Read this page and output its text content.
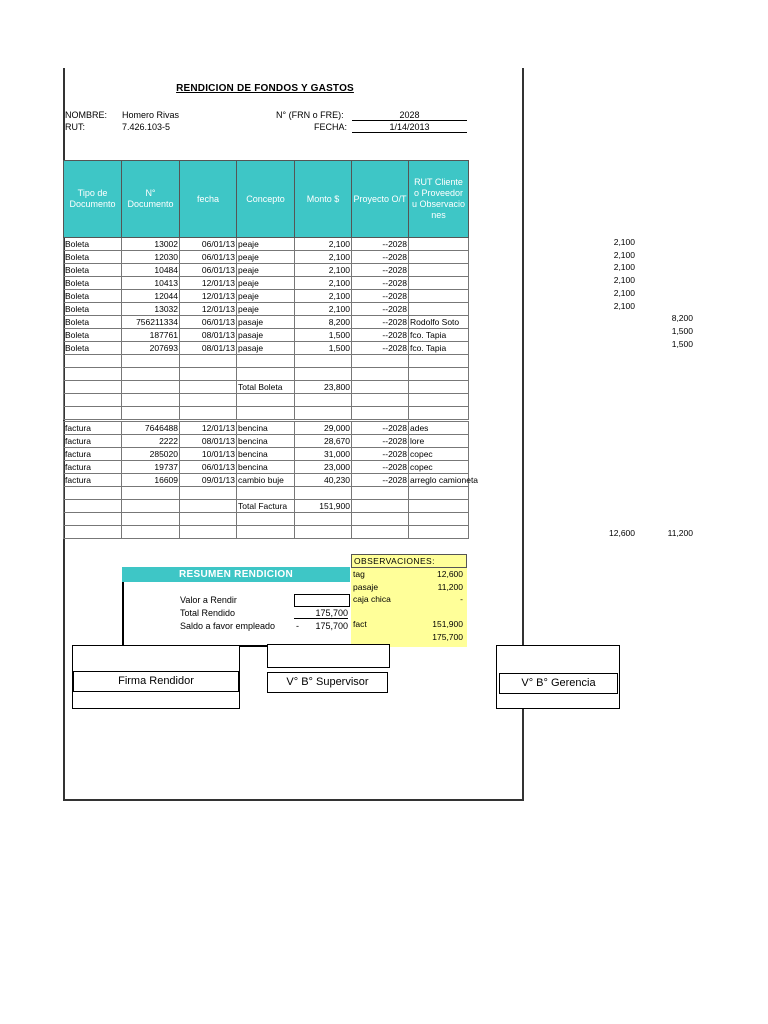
RENDICION DE FONDOS Y GASTOS
NOMBRE: Homero Rivas
RUT:	7.426.103-5
N° (FRN o FRE):	2028
FECHA:	1/14/2013
Tipo de Documento	N° Documento	fecha	Concepto	Monto $	Proyecto O/T	RUT Cliente o Proveedor u Observaciones
Boleta	13002	06/01/13	peaje	2,100	--2028	
Boleta	12030	06/01/13	peaje	2,100	--2028	
Boleta	10484	06/01/13	peaje	2,100	--2028	
Boleta	10413	12/01/13	peaje	2,100	--2028	
Boleta	12044	12/01/13	peaje	2,100	--2028	
Boleta	13032	12/01/13	peaje	2,100	--2028	
Boleta	756211334	06/01/13	pasaje	8,200	--2028	Rodolfo Soto
Boleta	187761	08/01/13	pasaje	1,500	--2028	fco. Tapia
Boleta	207693	08/01/13	pasaje	1,500	--2028	fco. Tapia

			Total Boleta	23,800		

factura	7646488	12/01/13	bencina	29,000	--2028	ades
factura	2222	08/01/13	bencina	28,670	--2028	lore
factura	285020	10/01/13	bencina	31,000	--2028	copec
factura	19737	06/01/13	bencina	23,000	--2028	copec
factura	16609	09/01/13	cambio buje	40,230	--2028	arreglo camioneta

			Total Factura	151,900		

2,100
2,100
2,100
2,100
2,100
2,100
8,200
1,500
1,500
12,600	11,200
OBSERVACIONES:
tag	12,600
pasaje	11,200
caja chica	-
fact	151,900
175,700
RESUMEN RENDICION
Valor a Rendir
Total Rendido	175,700
Saldo a favor empleado -	175,700
Firma Rendidor	V° B° Supervisor	V° B° Gerencia
